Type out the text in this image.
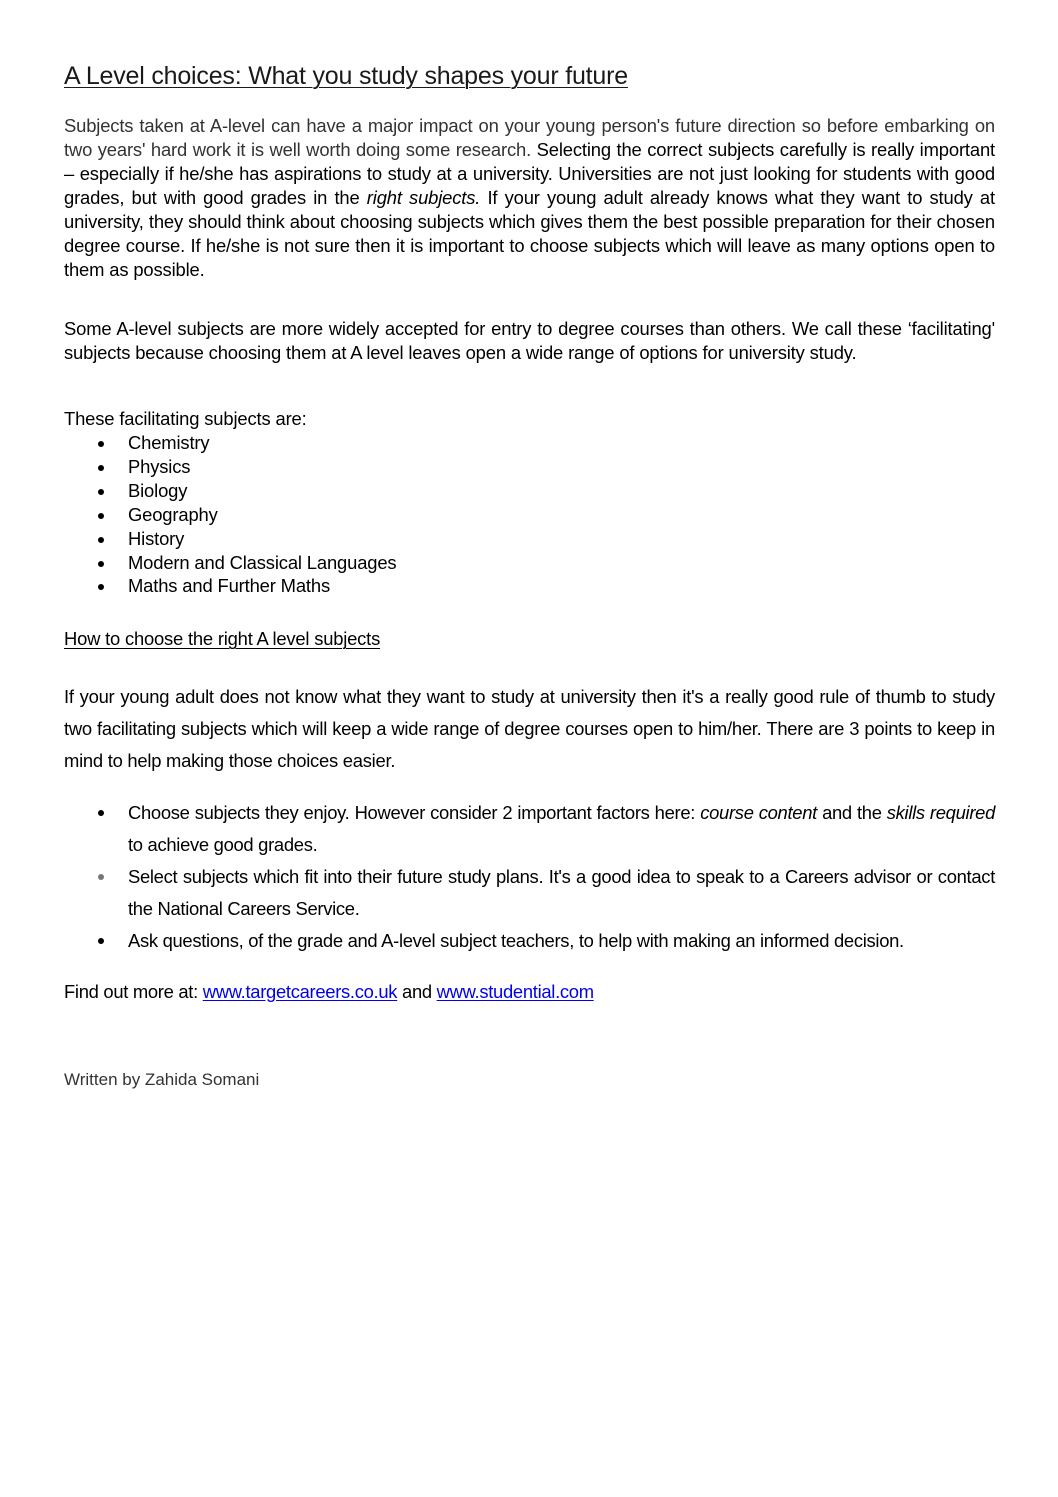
A Level choices: What you study shapes your future

Subjects taken at A-level can have a major impact on your young person's future direction so before embarking on two years' hard work it is well worth doing some research. Selecting the correct subjects carefully is really important – especially if he/she has aspirations to study at a university. Universities are not just looking for students with good grades, but with good grades in the right subjects. If your young adult already knows what they want to study at university, they should think about choosing subjects which gives them the best possible preparation for their chosen degree course. If he/she is not sure then it is important to choose subjects which will leave as many options open to them as possible.

Some A-level subjects are more widely accepted for entry to degree courses than others. We call these ‘facilitating' subjects because choosing them at A level leaves open a wide range of options for university study.

These facilitating subjects are:

Chemistry
Physics
Biology
Geography
History
Modern and Classical Languages
Maths and Further Maths
How to choose the right A level subjects

If your young adult does not know what they want to study at university then it's a really good rule of thumb to study two facilitating subjects which will keep a wide range of degree courses open to him/her. There are 3 points to keep in mind to help making those choices easier.

Choose subjects they enjoy. However consider 2 important factors here: course content and the skills required to achieve good grades.
Select subjects which fit into their future study plans. It's a good idea to speak to a Careers advisor or contact the National Careers Service.
Ask questions, of the grade and A-level subject teachers, to help with making an informed decision.
Find out more at: www.targetcareers.co.uk and www.studential.com
Written by Zahida Somani
